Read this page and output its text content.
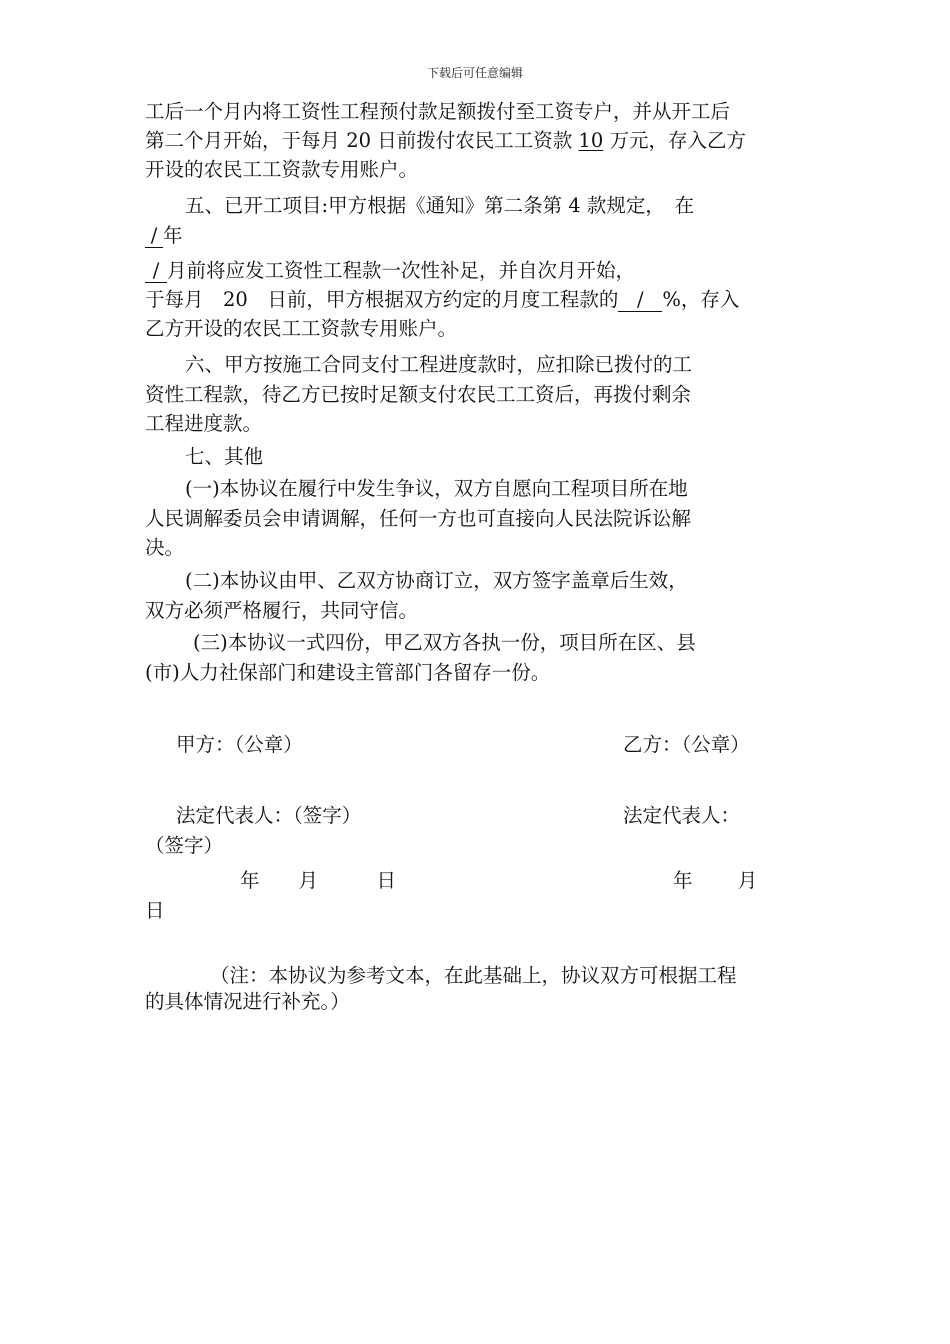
下载后可任意编辑
工后一个月内将工资性工程预付款足额拨付至工资专户，并从开工后
第二个月开始，于每月 20 日前拨付农民工工资款 10 万元，存入乙方
开设的农民工工资款专用账户。
五、已开工项目:甲方根据《通知》第二条第 4 款规定，　在
/ 年
/ 月前将应发工资性工程款一次性补足，并自次月开始，
于每月　20　日前，甲方根据双方约定的月度工程款的 / %，存入
乙方开设的农民工工资款专用账户。
六、甲方按施工合同支付工程进度款时，应扣除已拨付的工
资性工程款，待乙方已按时足额支付农民工工资后，再拨付剩余
工程进度款。
七、其他
(一)本协议在履行中发生争议，双方自愿向工程项目所在地
人民调解委员会申请调解，任何一方也可直接向人民法院诉讼解
决。
(二)本协议由甲、乙双方协商订立，双方签字盖章后生效，
双方必须严格履行，共同守信。
(三)本协议一式四份，甲乙双方各执一份，项目所在区、县
(市)人力社保部门和建设主管部门各留存一份。
甲方：（公章）	乙方：（公章）
法定代表人：（签字）	法定代表人：
（签字）
年　　月　　　日	年　　 月
日
（注：本协议为参考文本，在此基础上，协议双方可根据工程
的具体情况进行补充。）
